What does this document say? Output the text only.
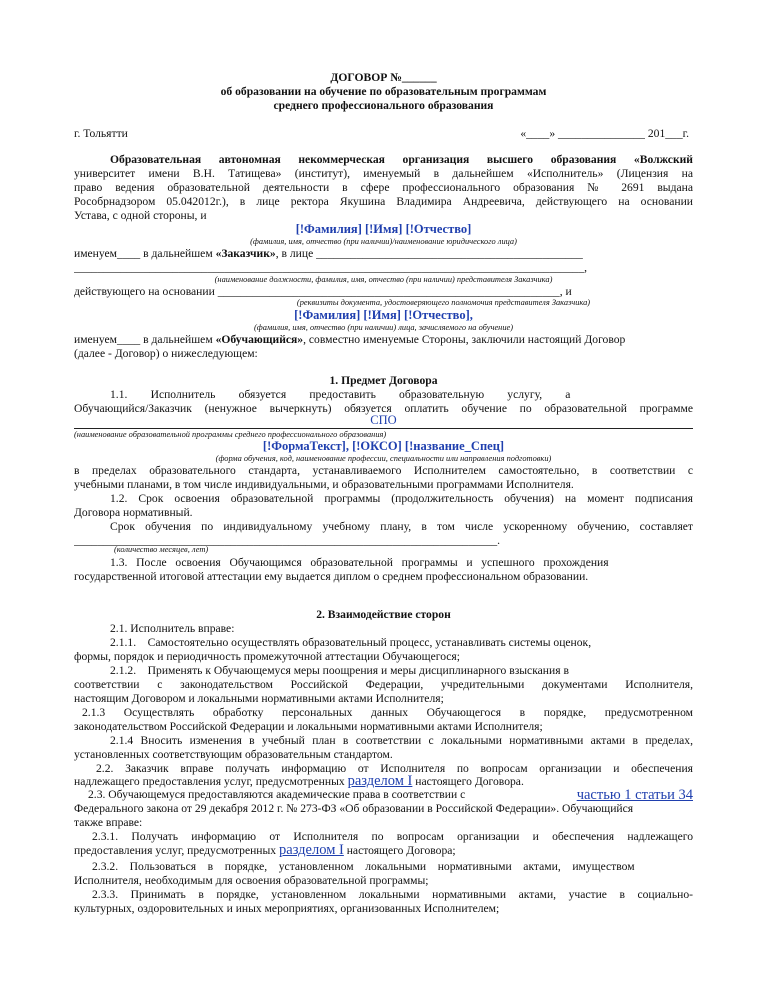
ДОГОВОР №______
об образовании на обучение по образовательным программам
среднего профессионального образования
г. Тольятти	«____» _______________ 201___г.
Образовательная автономная некоммерческая организация высшего образования «Волжский
университет имени В.Н. Татищева» (институт), именуемый в дальнейшем «Исполнитель» (Лицензия на
право ведения образовательной деятельности в сфере профессионального образования № 2691 выдана
Рособрнадзором 05.042012г.), в лице ректора Якушина Владимира Андреевича, действующего на основании
Устава, с одной стороны, и
[!Фамилия] [!Имя] [!Отчество]
(фамилия, имя, отчество (при наличии)/наименование юридического лица)
именуем____ в дальнейшем «Заказчик», в лице ______________________________________________
________________________________________________________________________________________,
(наименование должности, фамилия, имя, отчество (при наличии) представителя Заказчика)
действующего на основании ___________________________________________________________, и
(реквизиты документа, удостоверяющего полномочия представителя Заказчика)
[!Фамилия] [!Имя] [!Отчество],
(фамилия, имя, отчество (при наличии) лица, зачисляемого на обучение)
именуем____ в дальнейшем «Обучающийся», совместно именуемые Стороны, заключили настоящий Договор
(далее - Договор) о нижеследующем:
1. Предмет Договора
1.1.        Исполнитель        обязуется        предоставить        образовательную        услугу,        а
Обучающийся/Заказчик (ненужное вычеркнуть) обязуется оплатить обучение по образовательной программе
СПО
(наименование образовательной программы среднего профессионального образования)
[!ФормаТекст], [!ОКСО] [!название_Спец]
(форма обучения, код, наименование профессии, специальности или направления подготовки)
в пределах образовательного стандарта, устанавливаемого Исполнителем самостоятельно, в соответствии с
учебными планами, в том числе индивидуальными, и образовательными программами Исполнителя.
1.2. Срок освоения образовательной программы (продолжительность обучения) на момент подписания
Договора нормативный.
Срок обучения по индивидуальному учебному плану, в том числе ускоренному обучению, составляет
_________________________________________________________________________.
(количество месяцев, лет)
1.3.   После   освоения   Обучающимся   образовательной   программы   и   успешного   прохождения
государственной итоговой аттестации ему выдается диплом о среднем профессиональном образовании.
2. Взаимодействие сторон
2.1. Исполнитель вправе:
2.1.1.    Самостоятельно осуществлять образовательный процесс, устанавливать системы оценок,
формы, порядок и периодичность промежуточной аттестации Обучающегося;
2.1.2.    Применять к Обучающемуся меры поощрения и меры дисциплинарного взыскания в
соответствии с законодательством Российской Федерации, учредительными документами Исполнителя,
настоящим Договором и локальными нормативными актами Исполнителя;
2.1.3 Осуществлять обработку персональных данных Обучающегося в порядке, предусмотренном
законодательством Российской Федерации и локальными нормативными актами Исполнителя;
2.1.4 Вносить изменения в учебный план в соответствии с локальными нормативными актами в пределах,
установленных соответствующим образовательным стандартом.
2.2. Заказчик вправе получать информацию от Исполнителя по вопросам организации и обеспечения
надлежащего предоставления услуг, предусмотренных разделом I настоящего Договора.
2.3. Обучающемуся предоставляются академические права в соответствии с	частью 1 статьи 34
Федерального закона от 29 декабря 2012 г. № 273-ФЗ «Об образовании в Российской Федерации». Обучающийся
также вправе:
2.3.1. Получать информацию от Исполнителя по вопросам организации и обеспечения надлежащего
предоставления услуг, предусмотренных разделом I настоящего Договора;
2.3.2.    Пользоваться    в    порядке,    установленном    локальными    нормативными    актами,    имуществом
Исполнителя, необходимым для освоения образовательной программы;
2.3.3. Принимать в порядке, установленном локальными нормативными актами, участие в социально-
культурных, оздоровительных и иных мероприятиях, организованных Исполнителем;
